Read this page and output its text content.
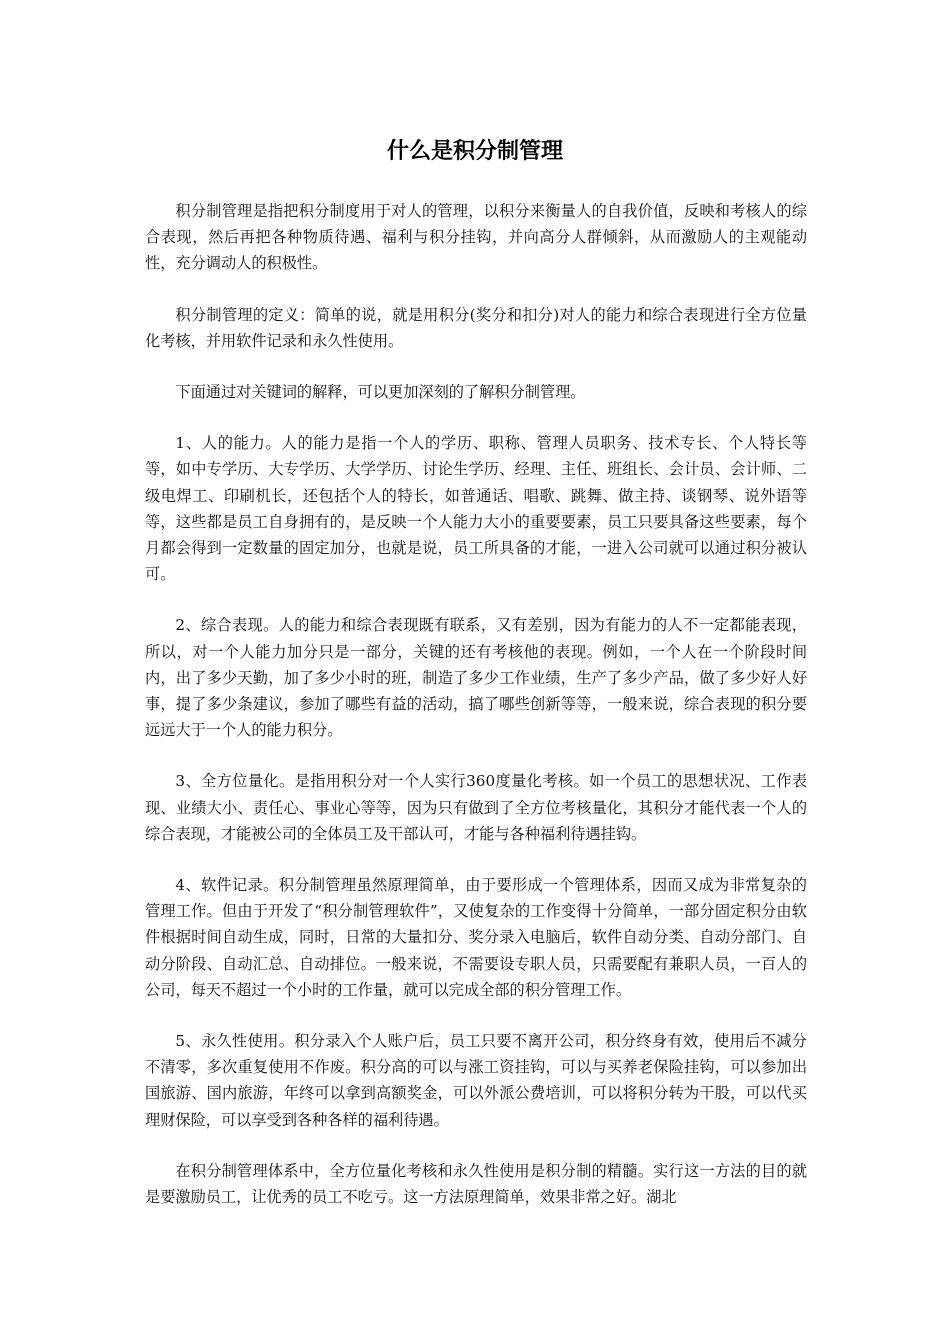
什么是积分制管理

积分制管理是指把积分制度用于对人的管理，以积分来衡量人的自我价值，反映和考核人的综合表现，然后再把各种物质待遇、福利与积分挂钩，并向高分人群倾斜，从而激励人的主观能动性，充分调动人的积极性。

积分制管理的定义：简单的说，就是用积分(奖分和扣分)对人的能力和综合表现进行全方位量化考核，并用软件记录和永久性使用。

下面通过对关键词的解释，可以更加深刻的了解积分制管理。

1、人的能力。人的能力是指一个人的学历、职称、管理人员职务、技术专长、个人特长等等，如中专学历、大专学历、大学学历、讨论生学历、经理、主任、班组长、会计员、会计师、二级电焊工、印刷机长，还包括个人的特长，如普通话、唱歌、跳舞、做主持、谈钢琴、说外语等等，这些都是员工自身拥有的，是反映一个人能力大小的重要要素，员工只要具备这些要素，每个月都会得到一定数量的固定加分，也就是说，员工所具备的才能，一进入公司就可以通过积分被认可。

2、综合表现。人的能力和综合表现既有联系，又有差别，因为有能力的人不一定都能表现，所以，对一个人能力加分只是一部分，关键的还有考核他的表现。例如，一个人在一个阶段时间内，出了多少天勤，加了多少小时的班，制造了多少工作业绩，生产了多少产品，做了多少好人好事，提了多少条建议，参加了哪些有益的活动，搞了哪些创新等等，一般来说，综合表现的积分要远远大于一个人的能力积分。

3、全方位量化。是指用积分对一个人实行360度量化考核。如一个员工的思想状况、工作表现、业绩大小、责任心、事业心等等，因为只有做到了全方位考核量化，其积分才能代表一个人的综合表现，才能被公司的全体员工及干部认可，才能与各种福利待遇挂钩。

4、软件记录。积分制管理虽然原理简单，由于要形成一个管理体系，因而又成为非常复杂的管理工作。但由于开发了“积分制管理软件”，又使复杂的工作变得十分简单，一部分固定积分由软件根据时间自动生成，同时，日常的大量扣分、奖分录入电脑后，软件自动分类、自动分部门、自动分阶段、自动汇总、自动排位。一般来说，不需要设专职人员，只需要配有兼职人员，一百人的公司，每天不超过一个小时的工作量，就可以完成全部的积分管理工作。

5、永久性使用。积分录入个人账户后，员工只要不离开公司，积分终身有效，使用后不减分不清零，多次重复使用不作废。积分高的可以与涨工资挂钩，可以与买养老保险挂钩，可以参加出国旅游、国内旅游，年终可以拿到高额奖金，可以外派公费培训，可以将积分转为干股，可以代买理财保险，可以享受到各种各样的福利待遇。

在积分制管理体系中，全方位量化考核和永久性使用是积分制的精髓。实行这一方法的目的就是要激励员工，让优秀的员工不吃亏。这一方法原理简单，效果非常之好。湖北
